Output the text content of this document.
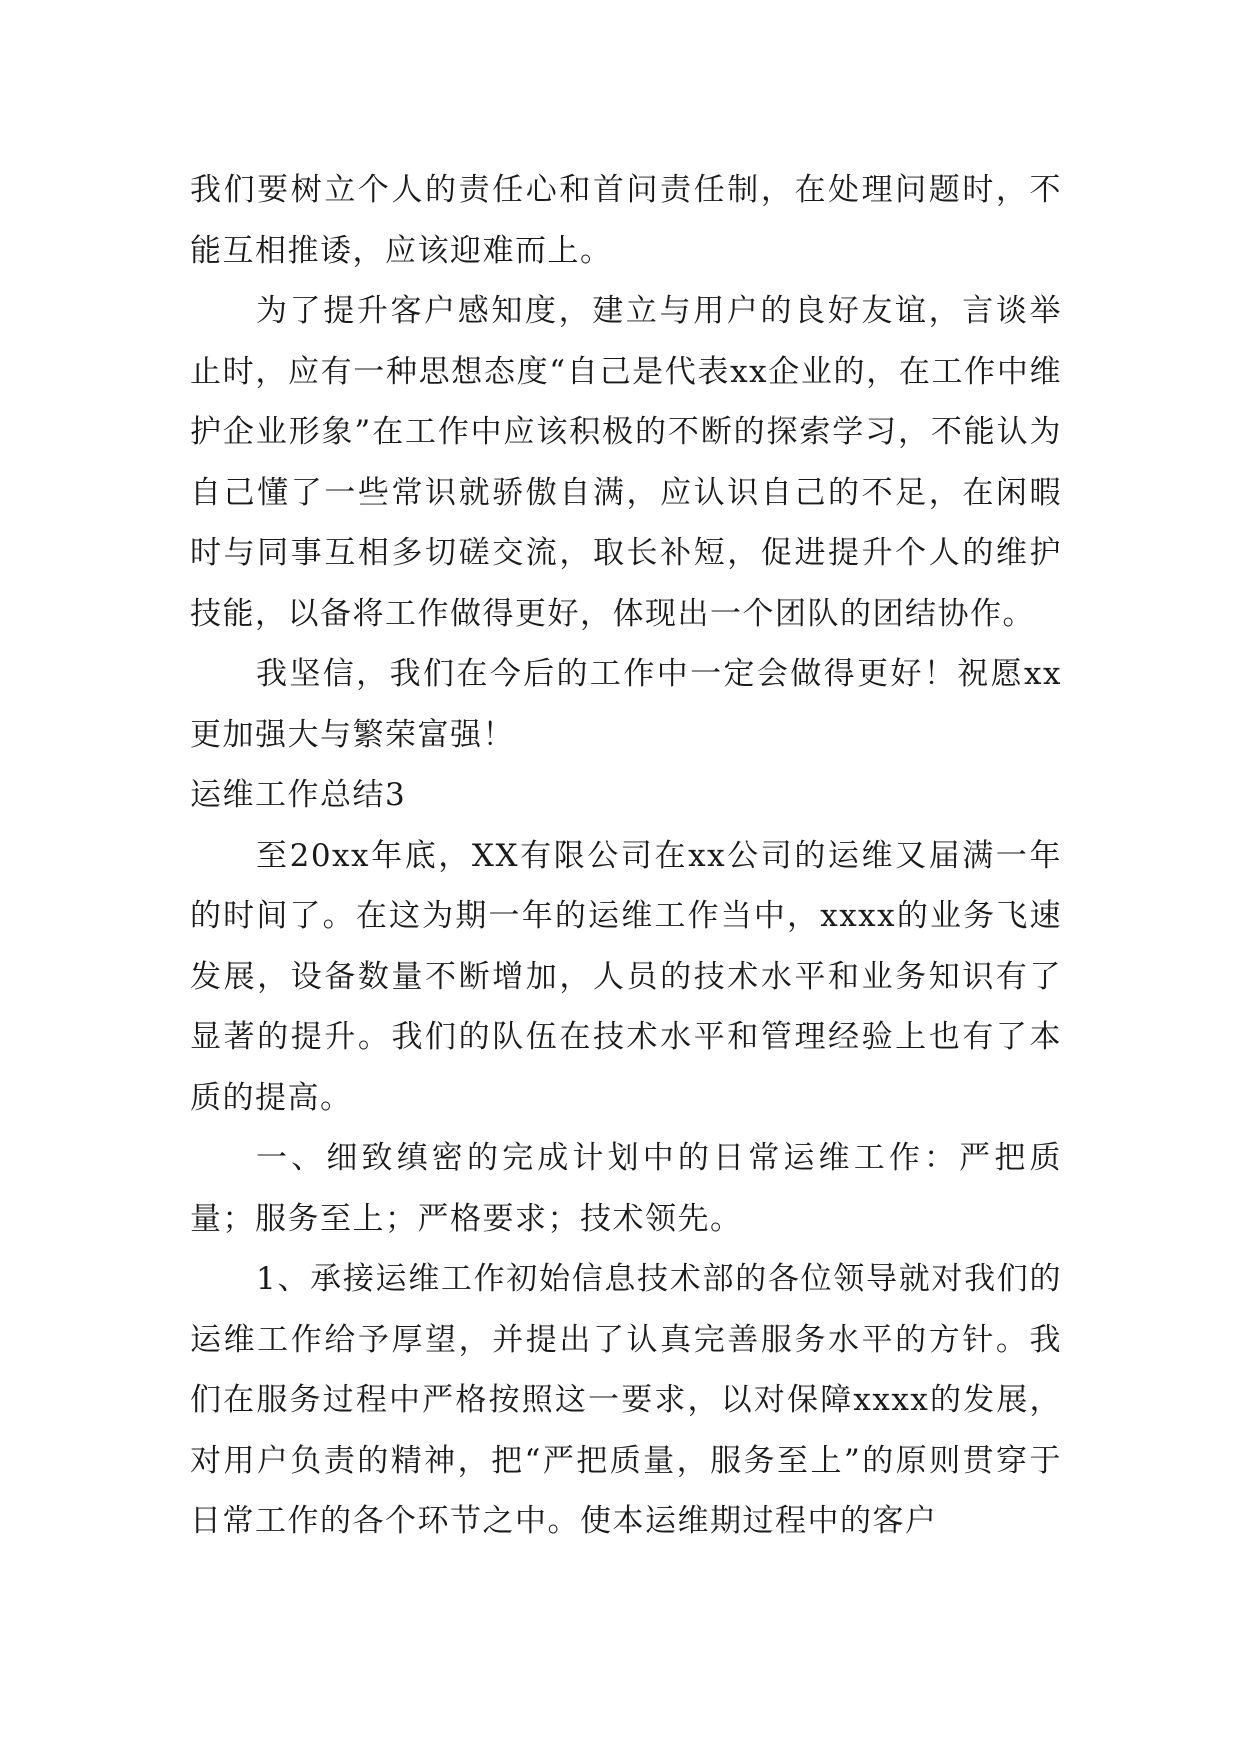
我们要树立个人的责任心和首问责任制，在处理问题时，不能互相推诿，应该迎难而上。

为了提升客户感知度，建立与用户的良好友谊，言谈举止时，应有一种思想态度“自己是代表xx企业的，在工作中维护企业形象”在工作中应该积极的不断的探索学习，不能认为自己懂了一些常识就骄傲自满，应认识自己的不足，在闲暇时与同事互相多切磋交流，取长补短，促进提升个人的维护技能，以备将工作做得更好，体现出一个团队的团结协作。

我坚信，我们在今后的工作中一定会做得更好！祝愿xx更加强大与繁荣富强！

运维工作总结3

至20xx年底，XX有限公司在xx公司的运维又届满一年的时间了。在这为期一年的运维工作当中，xxxx的业务飞速发展，设备数量不断增加，人员的技术水平和业务知识有了显著的提升。我们的队伍在技术水平和管理经验上也有了本质的提高。

一、细致缜密的完成计划中的日常运维工作：严把质量；服务至上；严格要求；技术领先。

1、承接运维工作初始信息技术部的各位领导就对我们的运维工作给予厚望，并提出了认真完善服务水平的方针。我们在服务过程中严格按照这一要求，以对保障xxxx的发展，对用户负责的精神，把“严把质量，服务至上”的原则贯穿于日常工作的各个环节之中。使本运维期过程中的客户
